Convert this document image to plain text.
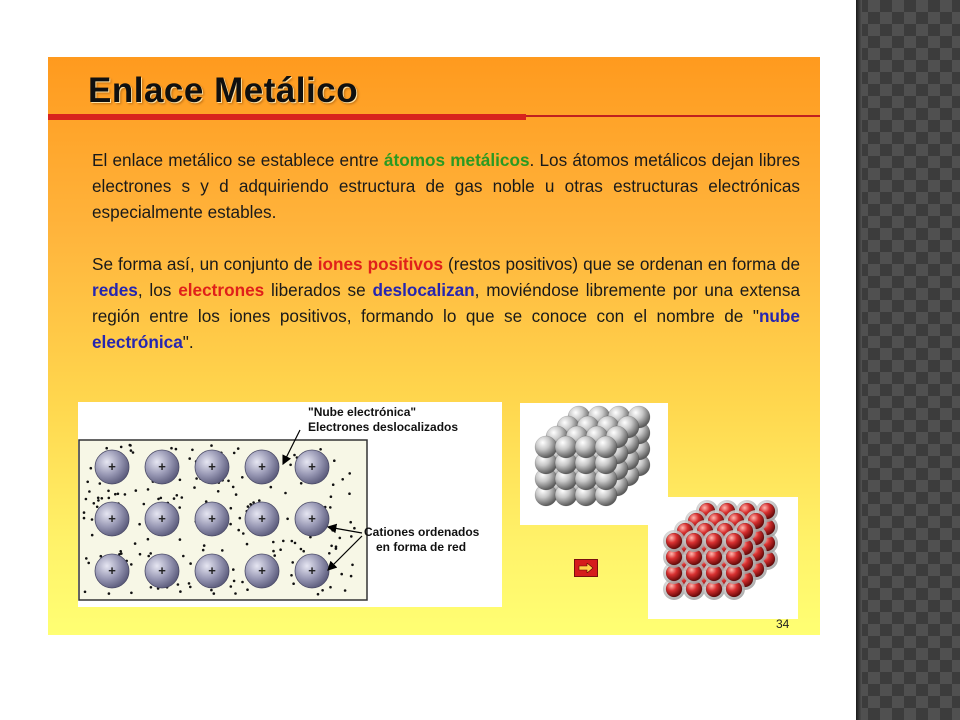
Enlace Metálico

El enlace metálico se establece entre átomos metálicos. Los átomos metálicos dejan libres electrones s y d adquiriendo estructura de gas noble u otras estructuras electrónicas especialmente estables.

Se forma así, un conjunto de iones positivos (restos positivos) que se ordenan en forma de redes, los electrones liberados se deslocalizan, moviéndose libremente por una extensa región entre los iones positivos, formando lo que se conoce con el nombre de "nube electrónica".

+	+	+	+	+
+	+	+	+	+
+	+	+	+	+
"Nube electrónica"
Electrones deslocalizados
Cationes ordenados
en forma de red
34
